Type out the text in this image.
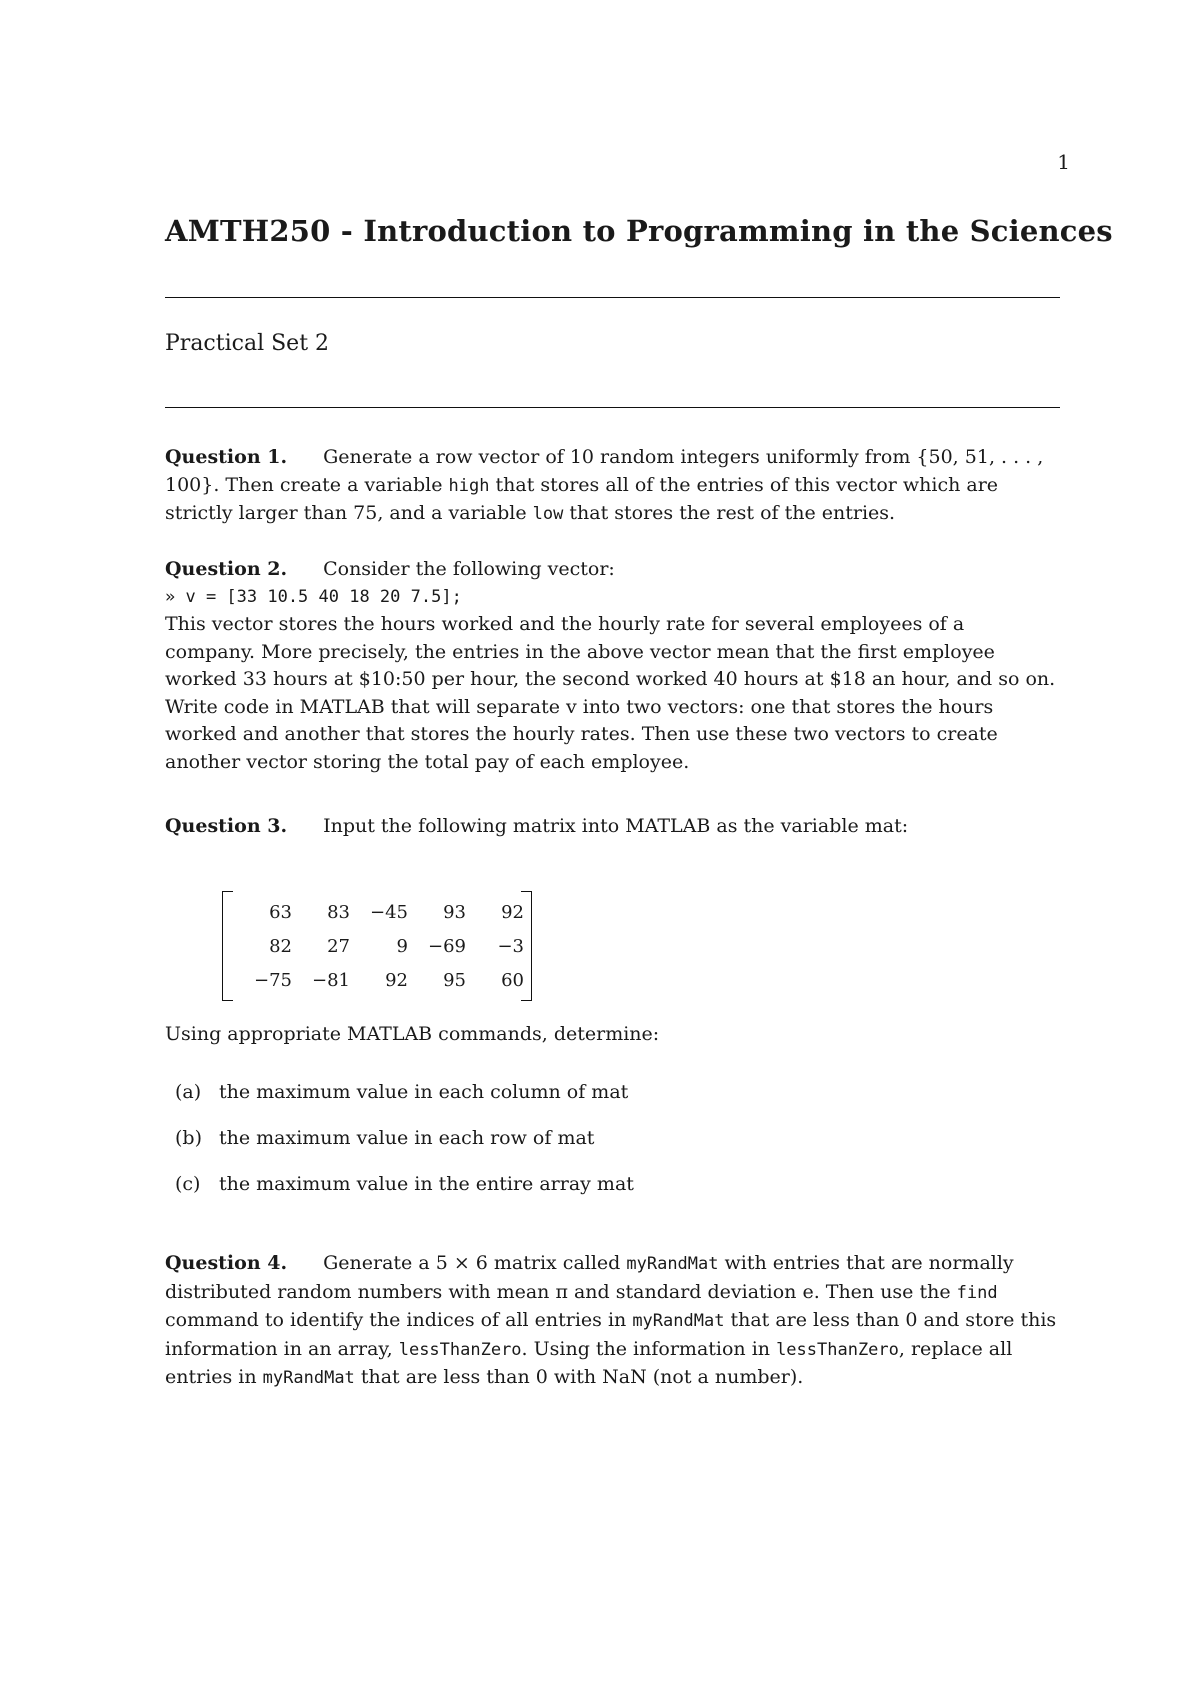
1
AMTH250 - Introduction to Programming in the Sciences
Practical Set 2

Question 1. Generate a row vector of 10 random integers uniformly from {50, 51, . . . , 100}. Then create a variable high that stores all of the entries of this vector which are strictly larger than 75, and a variable low that stores the rest of the entries.

Question 2. Consider the following vector:

» v = [33 10.5 40 18 20 7.5];

This vector stores the hours worked and the hourly rate for several employees of a company. More precisely, the entries in the above vector mean that the first employee worked 33 hours at $10:50 per hour, the second worked 40 hours at $18 an hour, and so on. Write code in MATLAB that will separate v into two vectors: one that stores the hours worked and another that stores the hourly rates. Then use these two vectors to create another vector storing the total pay of each employee.

Question 3. Input the following matrix into MATLAB as the variable mat:

63	83	−45	93	92
82	27	9	−69	−3
−75	−81	92	95	60
Using appropriate MATLAB commands, determine:
(a) the maximum value in each column of mat
(b) the maximum value in each row of mat
(c) the maximum value in the entire array mat

Question 4. Generate a 5 × 6 matrix called myRandMat with entries that are normally distributed random numbers with mean π and standard deviation e. Then use the find command to identify the indices of all entries in myRandMat that are less than 0 and store this information in an array, lessThanZero. Using the information in lessThanZero, replace all entries in myRandMat that are less than 0 with NaN (not a number).
